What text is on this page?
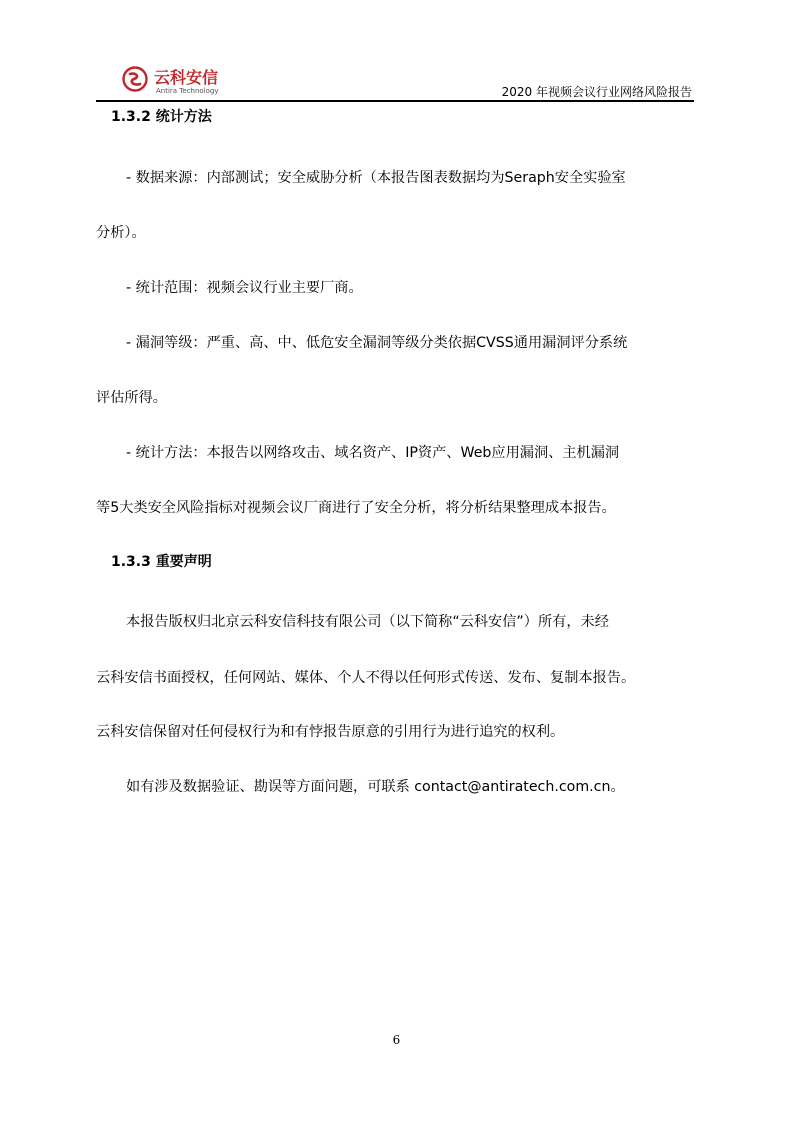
云科安信
Antira Technology	2020 年视频会议行业网络风险报告
1.3.2 统计方法
- 数据来源：内部测试；安全威胁分析（本报告图表数据均为Seraph安全实验室
分析）。
- 统计范围：视频会议行业主要厂商。
- 漏洞等级：严重、高、中、低危安全漏洞等级分类依据CVSS通用漏洞评分系统
评估所得。
- 统计方法：本报告以网络攻击、域名资产、IP资产、Web应用漏洞、主机漏洞
等5大类安全风险指标对视频会议厂商进行了安全分析，将分析结果整理成本报告。
1.3.3 重要声明
本报告版权归北京云科安信科技有限公司（以下简称“云科安信”）所有，未经
云科安信书面授权，任何网站、媒体、个人不得以任何形式传送、发布、复制本报告。
云科安信保留对任何侵权行为和有悖报告原意的引用行为进行追究的权利。
如有涉及数据验证、勘误等方面问题，可联系 contact@antiratech.com.cn。
6
